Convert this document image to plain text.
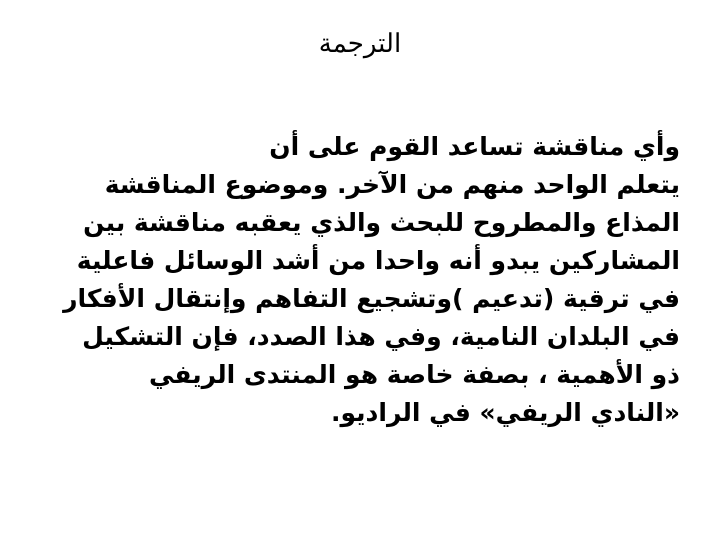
الترجمة
وأي مناقشة تساعد القوم على أن
يتعلم الواحد منهم من الآخر. وموضوع المناقشة
المذاع والمطروح للبحث والذي يعقبه مناقشة بين
المشاركين يبدو أنه واحدا من أشد الوسائل فاعلية
في ترقية (تدعيم )وتشجيع التفاهم وإنتقال الأفكار
في البلدان النامية، وفي هذا الصدد، فإن التشكيل
ذو الأهمية ، بصفة خاصة هو المنتدى الريفي
«النادي الريفي» في الراديو.
